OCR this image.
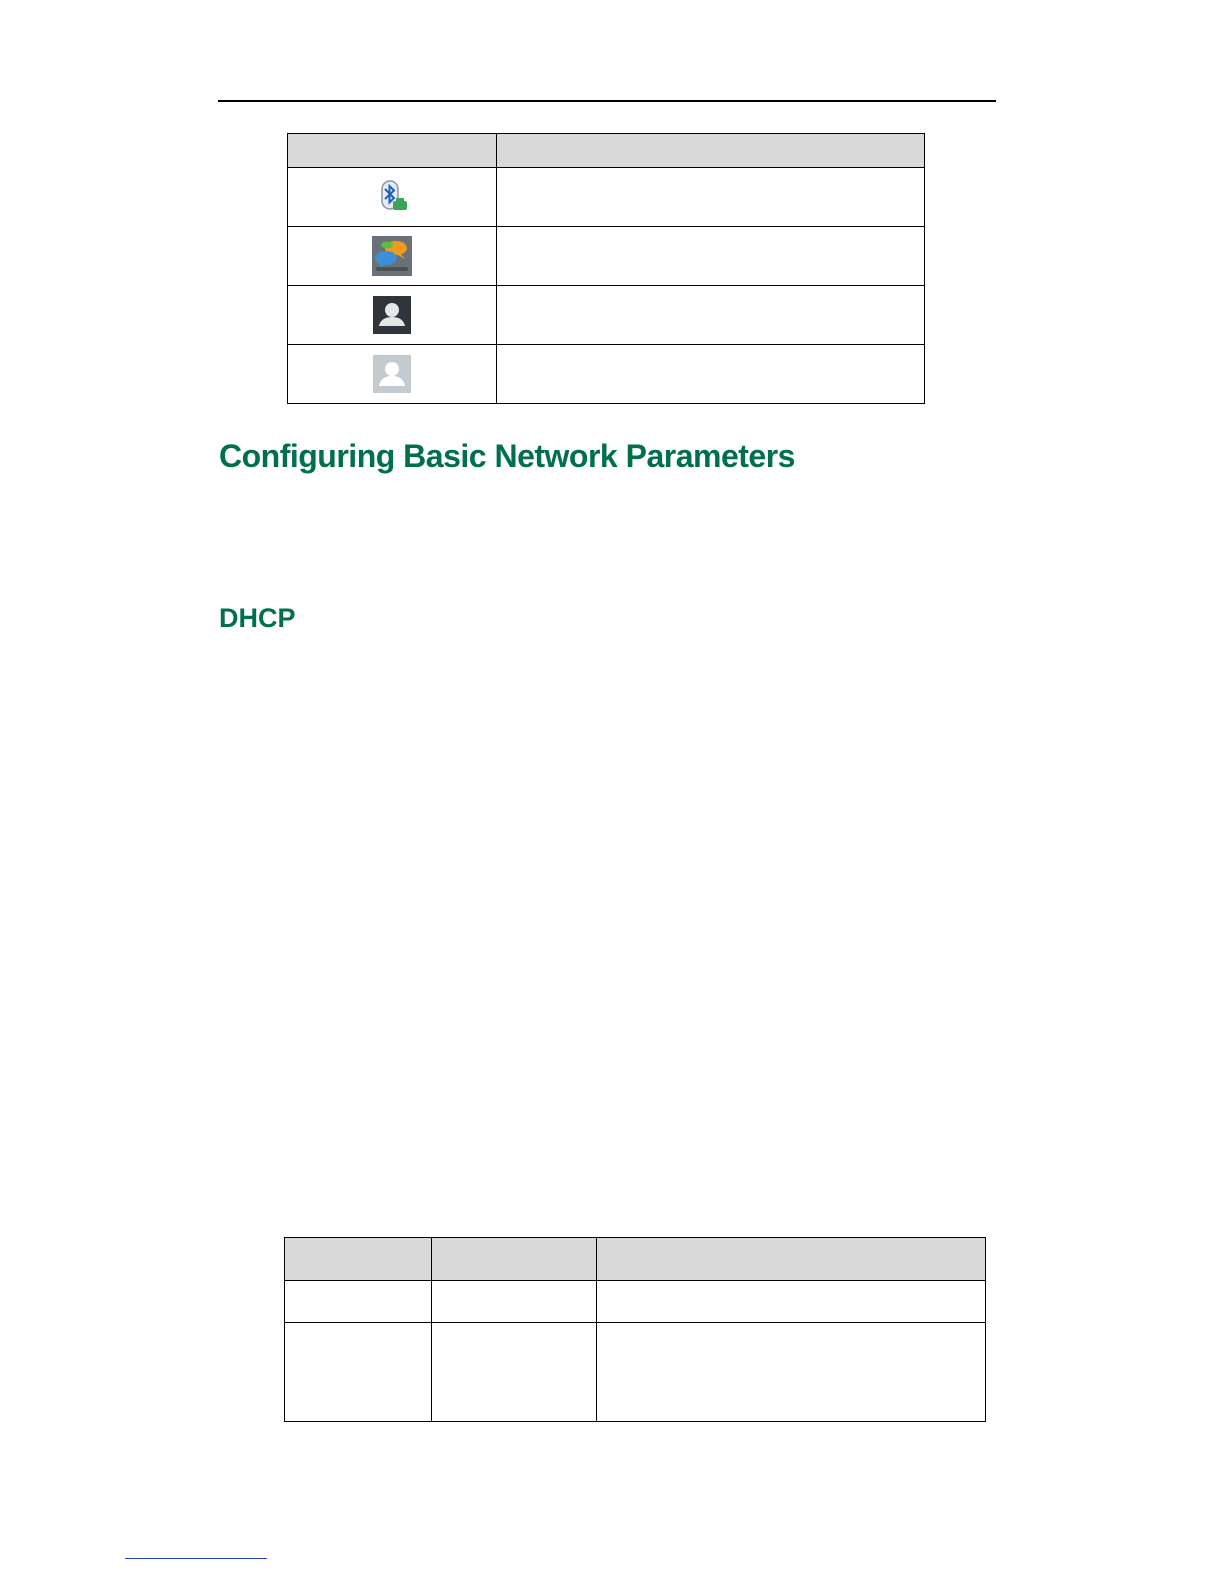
Configuring Basic Network Parameters
DHCP
